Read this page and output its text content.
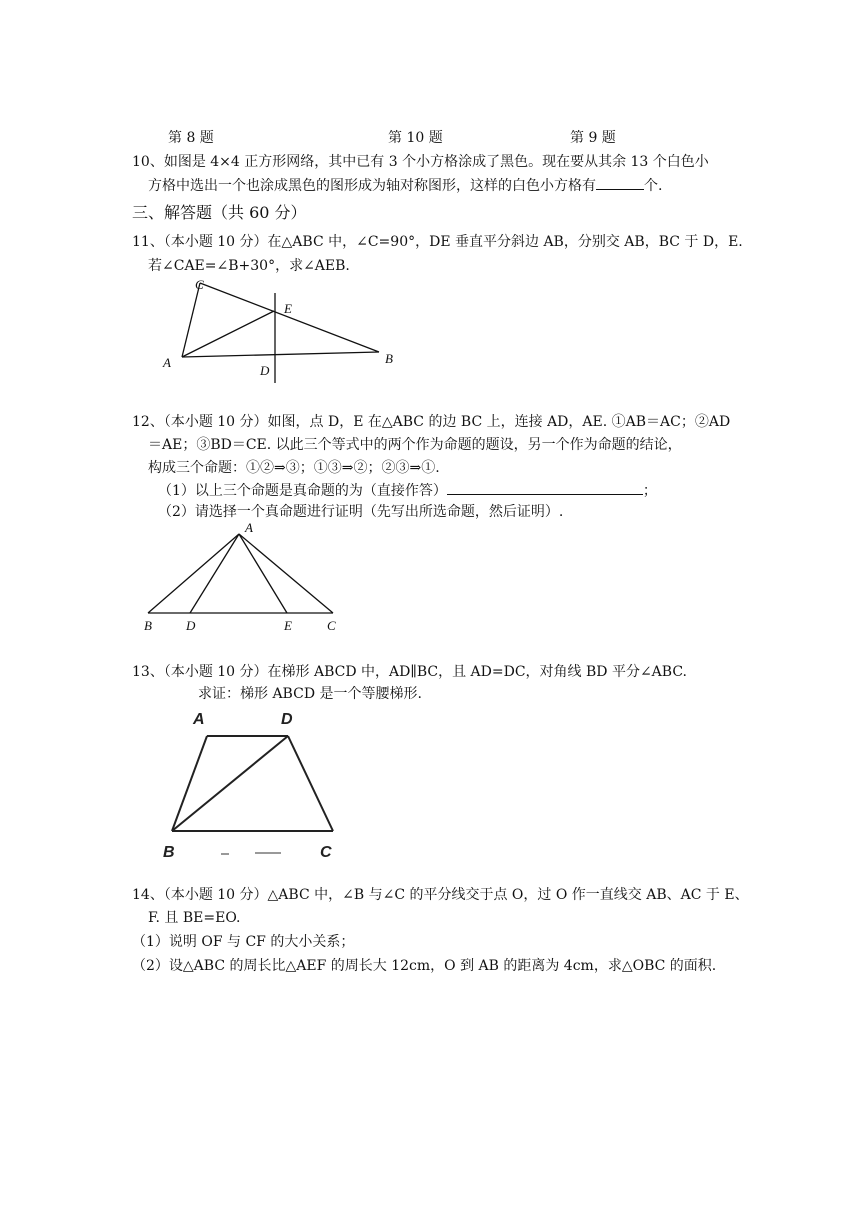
第 8 题	第 10 题	第 9 题
10、如图是 4×4 正方形网络，其中已有 3 个小方格涂成了黑色。现在要从其余 13 个白色小
方格中选出一个也涂成黑色的图形成为轴对称图形，这样的白色小方格有	个.
三、解答题（共 60 分）
11、（本小题 10 分）在△ABC 中，∠C=90°，DE 垂直平分斜边 AB，分别交 AB，BC 于 D，E.
若∠CAE=∠B+30°，求∠AEB.
C
E
A	B
D
12、（本小题 10 分）如图，点 D，E 在△ABC 的边 BC 上，连接 AD，AE. ①AB＝AC；②AD
＝AE；③BD＝CE. 以此三个等式中的两个作为命题的题设，另一个作为命题的结论，
构成三个命题：①②⇒③；①③⇒②；②③⇒①.
（1）以上三个命题是真命题的为（直接作答）	；
（2）请选择一个真命题进行证明（先写出所选命题，然后证明）.
A
B	D	E	C
13、（本小题 10 分）在梯形 ABCD 中，AD∥BC，且 AD=DC，对角线 BD 平分∠ABC.
求证：梯形 ABCD 是一个等腰梯形.
A	D
B	C
14、（本小题 10 分）△ABC 中，∠B 与∠C 的平分线交于点 O，过 O 作一直线交 AB、AC 于 E、
F. 且 BE=EO.
（1）说明 OF 与 CF 的大小关系；
（2）设△ABC 的周长比△AEF 的周长大 12cm，O 到 AB 的距离为 4cm，求△OBC 的面积.
